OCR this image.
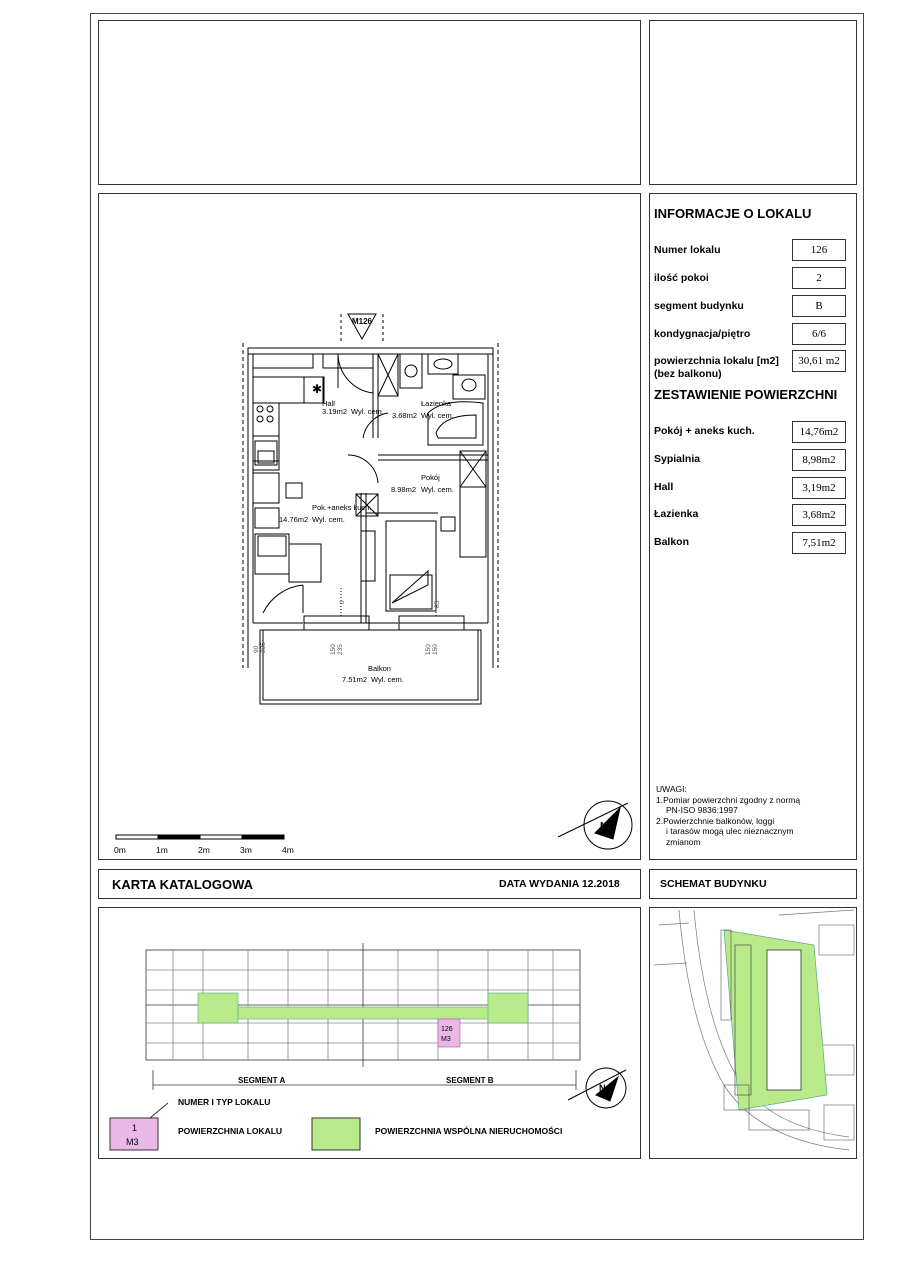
INFORMACJE O LOKALU
Numer lokalu	126
ilość pokoi	2
segment budynku	B
kondygnacja/piętro	6/6
powierzchnia lokalu [m2]
(bez balkonu)
30,61 m2
ZESTAWIENIE POWIERZCHNI
Pokój + aneks kuch.	14,76m2
Sypialnia	8,98m2
Hall	3,19m2
Łazienka	3,68m2
Balkon	7,51m2
UWAGI:
1.Pomiar powierzchni zgodny z normą
PN-ISO 9836:1997
2.Powierzchnie balkonów, loggi
i tarasów mogą ulec nieznacznym
zmianom
✱
M126
Hall
3.19m2 Wyl. cem.
Łazienka
3.68m2 Wyl. cem.
Pokój
8.98m2 Wyl. cem.
Pok.+aneks kuch.
14.76m2 Wyl. cem.
Balkon
7.51m2 Wyl. cem.
0	85
90 235	150 235	150 150
0m	1m	2m	3m	4m
N
KARTA KATALOGOWA	DATA WYDANIA 12.2018	SCHEMAT BUDYNKU
126
M3
SEGMENT A	SEGMENT B
N
1
M3
NUMER I TYP LOKALU
POWIERZCHNIA LOKALU	POWIERZCHNIA WSPÓLNA NIERUCHOMOŚCI
